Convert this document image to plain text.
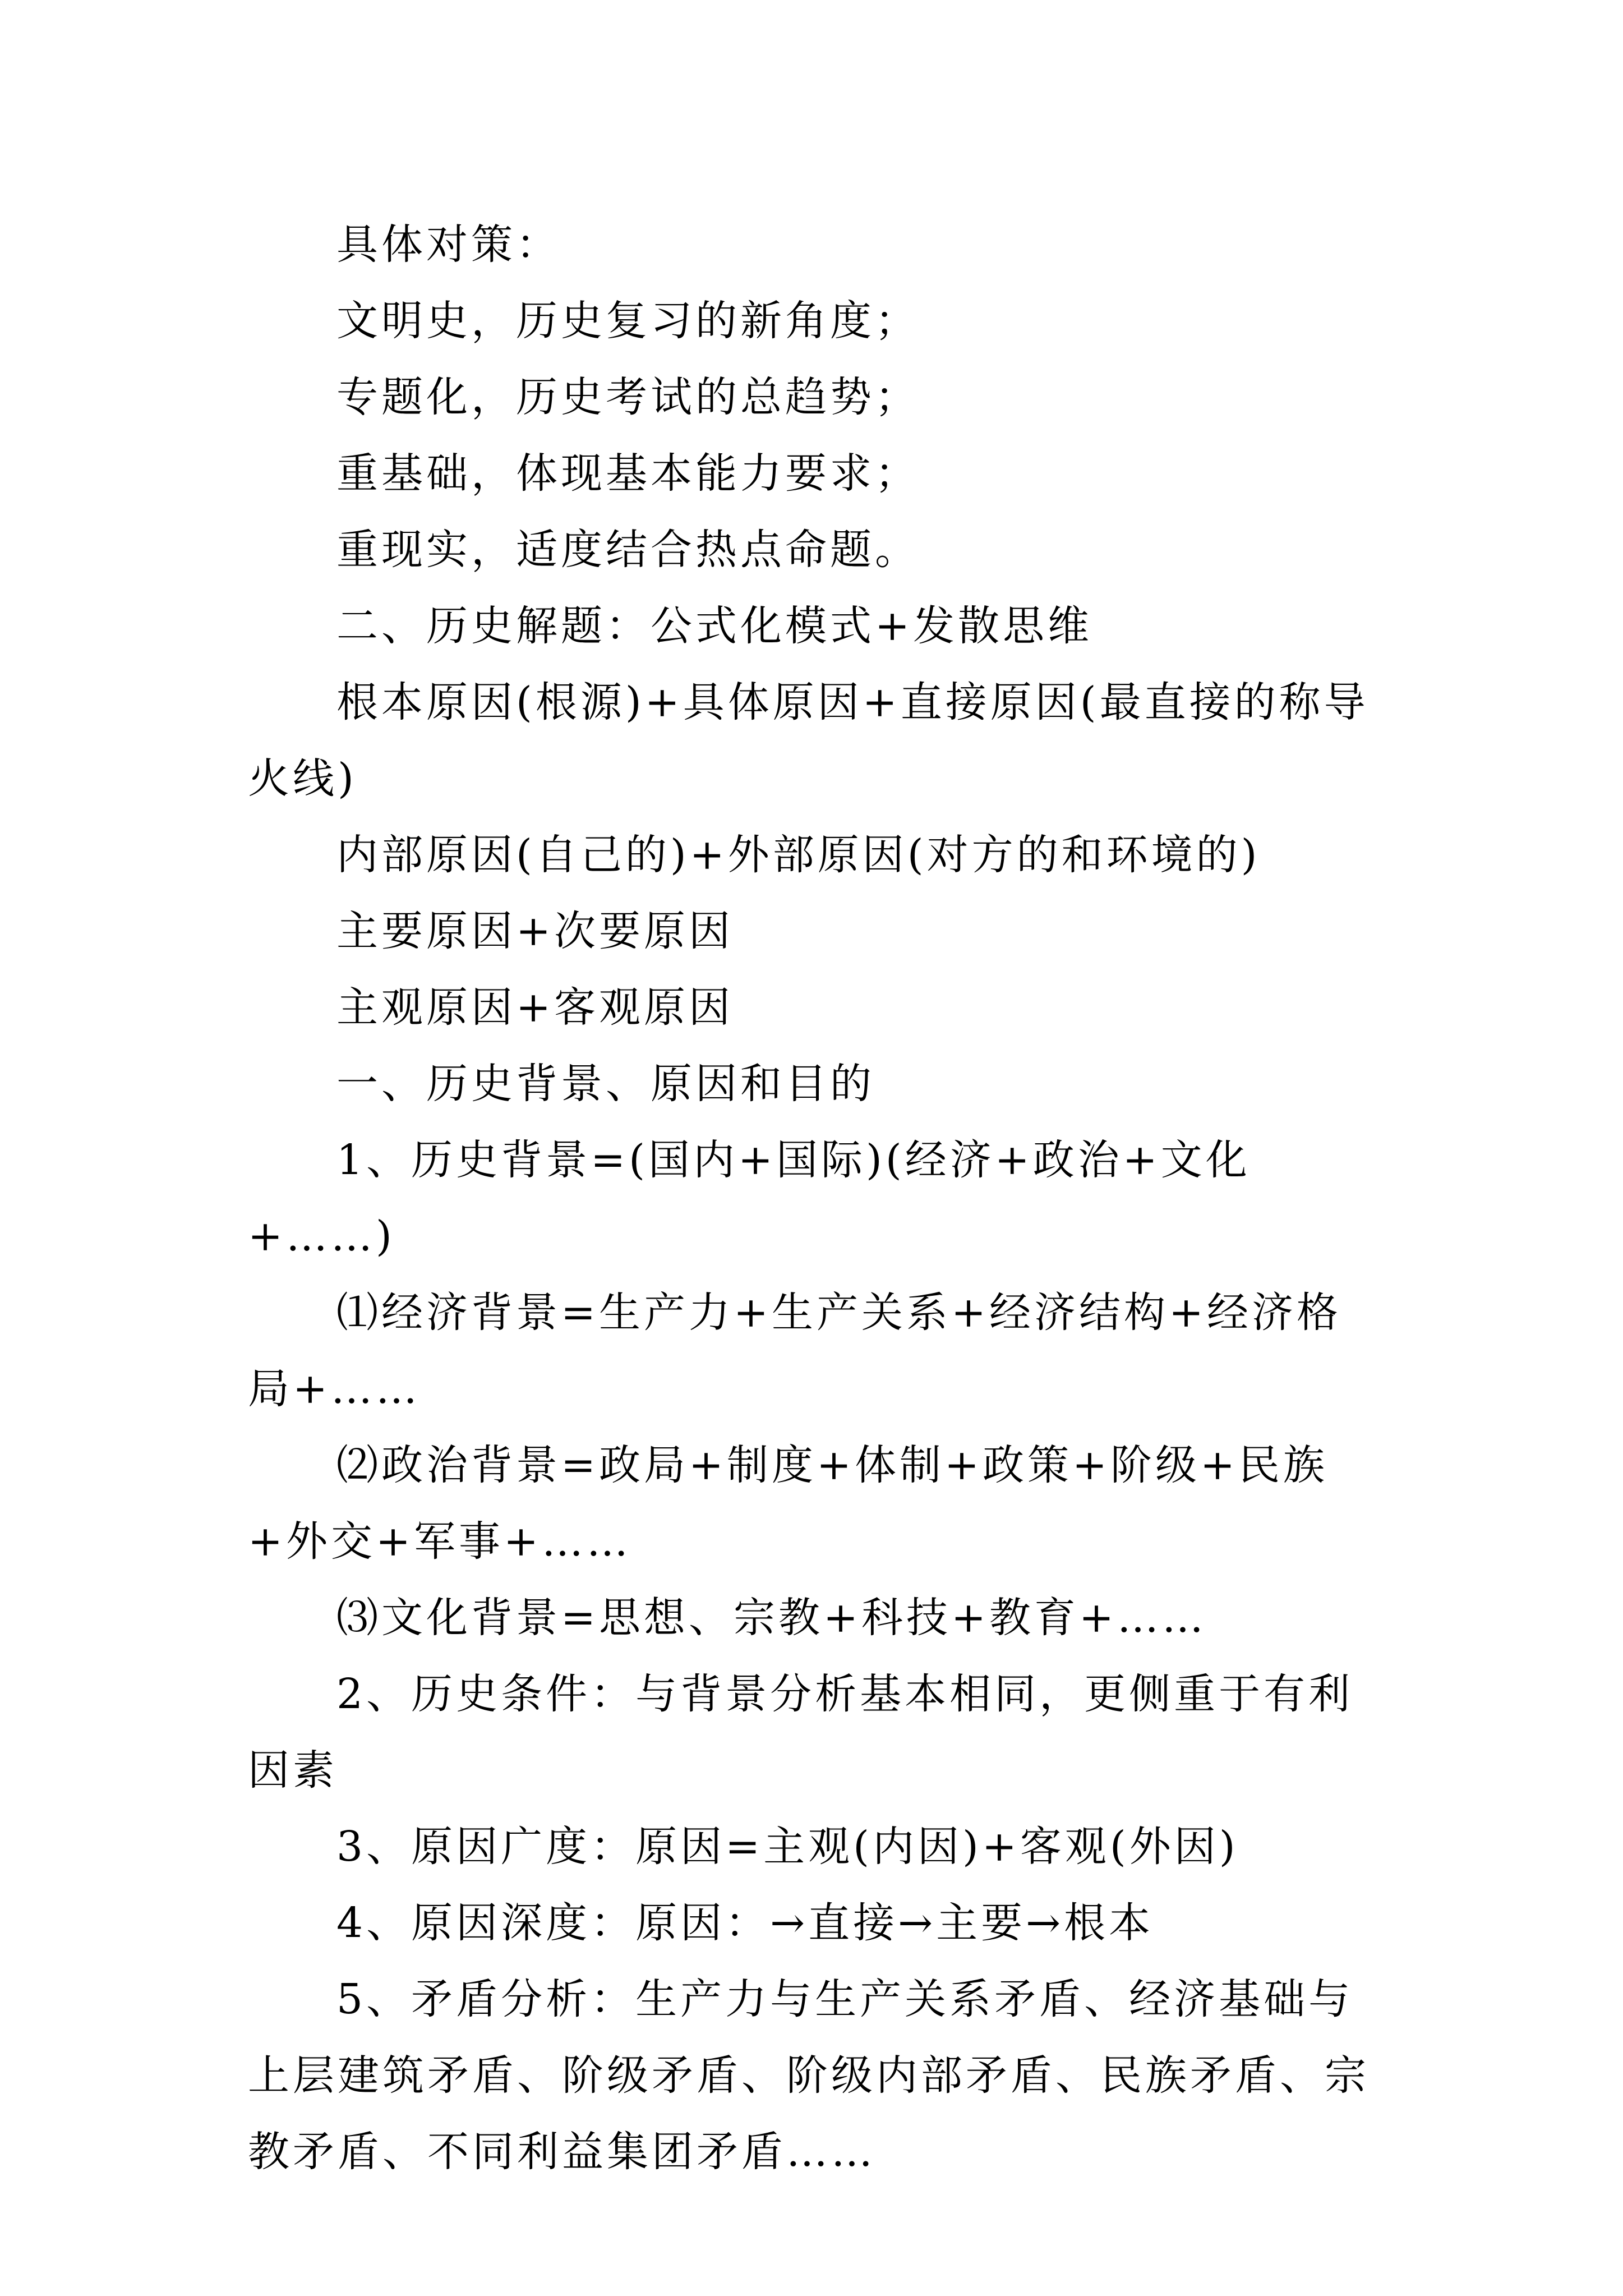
具体对策：

文明史，历史复习的新角度；

专题化，历史考试的总趋势；

重基础，体现基本能力要求；

重现实，适度结合热点命题。

二、历史解题：公式化模式+发散思维

根本原因(根源)+具体原因+直接原因(最直接的称导火线)

内部原因(自己的)+外部原因(对方的和环境的)

主要原因+次要原因

主观原因+客观原因

一、历史背景、原因和目的

1、历史背景=(国内+国际)(经济+政治+文化+……)

⑴经济背景=生产力+生产关系+经济结构+经济格局+……

⑵政治背景=政局+制度+体制+政策+阶级+民族+外交+军事+……

⑶文化背景=思想、宗教+科技+教育+……

2、历史条件：与背景分析基本相同，更侧重于有利因素

3、原因广度：原因=主观(内因)+客观(外因)

4、原因深度：原因：→直接→主要→根本

5、矛盾分析：生产力与生产关系矛盾、经济基础与上层建筑矛盾、阶级矛盾、阶级内部矛盾、民族矛盾、宗教矛盾、不同利益集团矛盾……
